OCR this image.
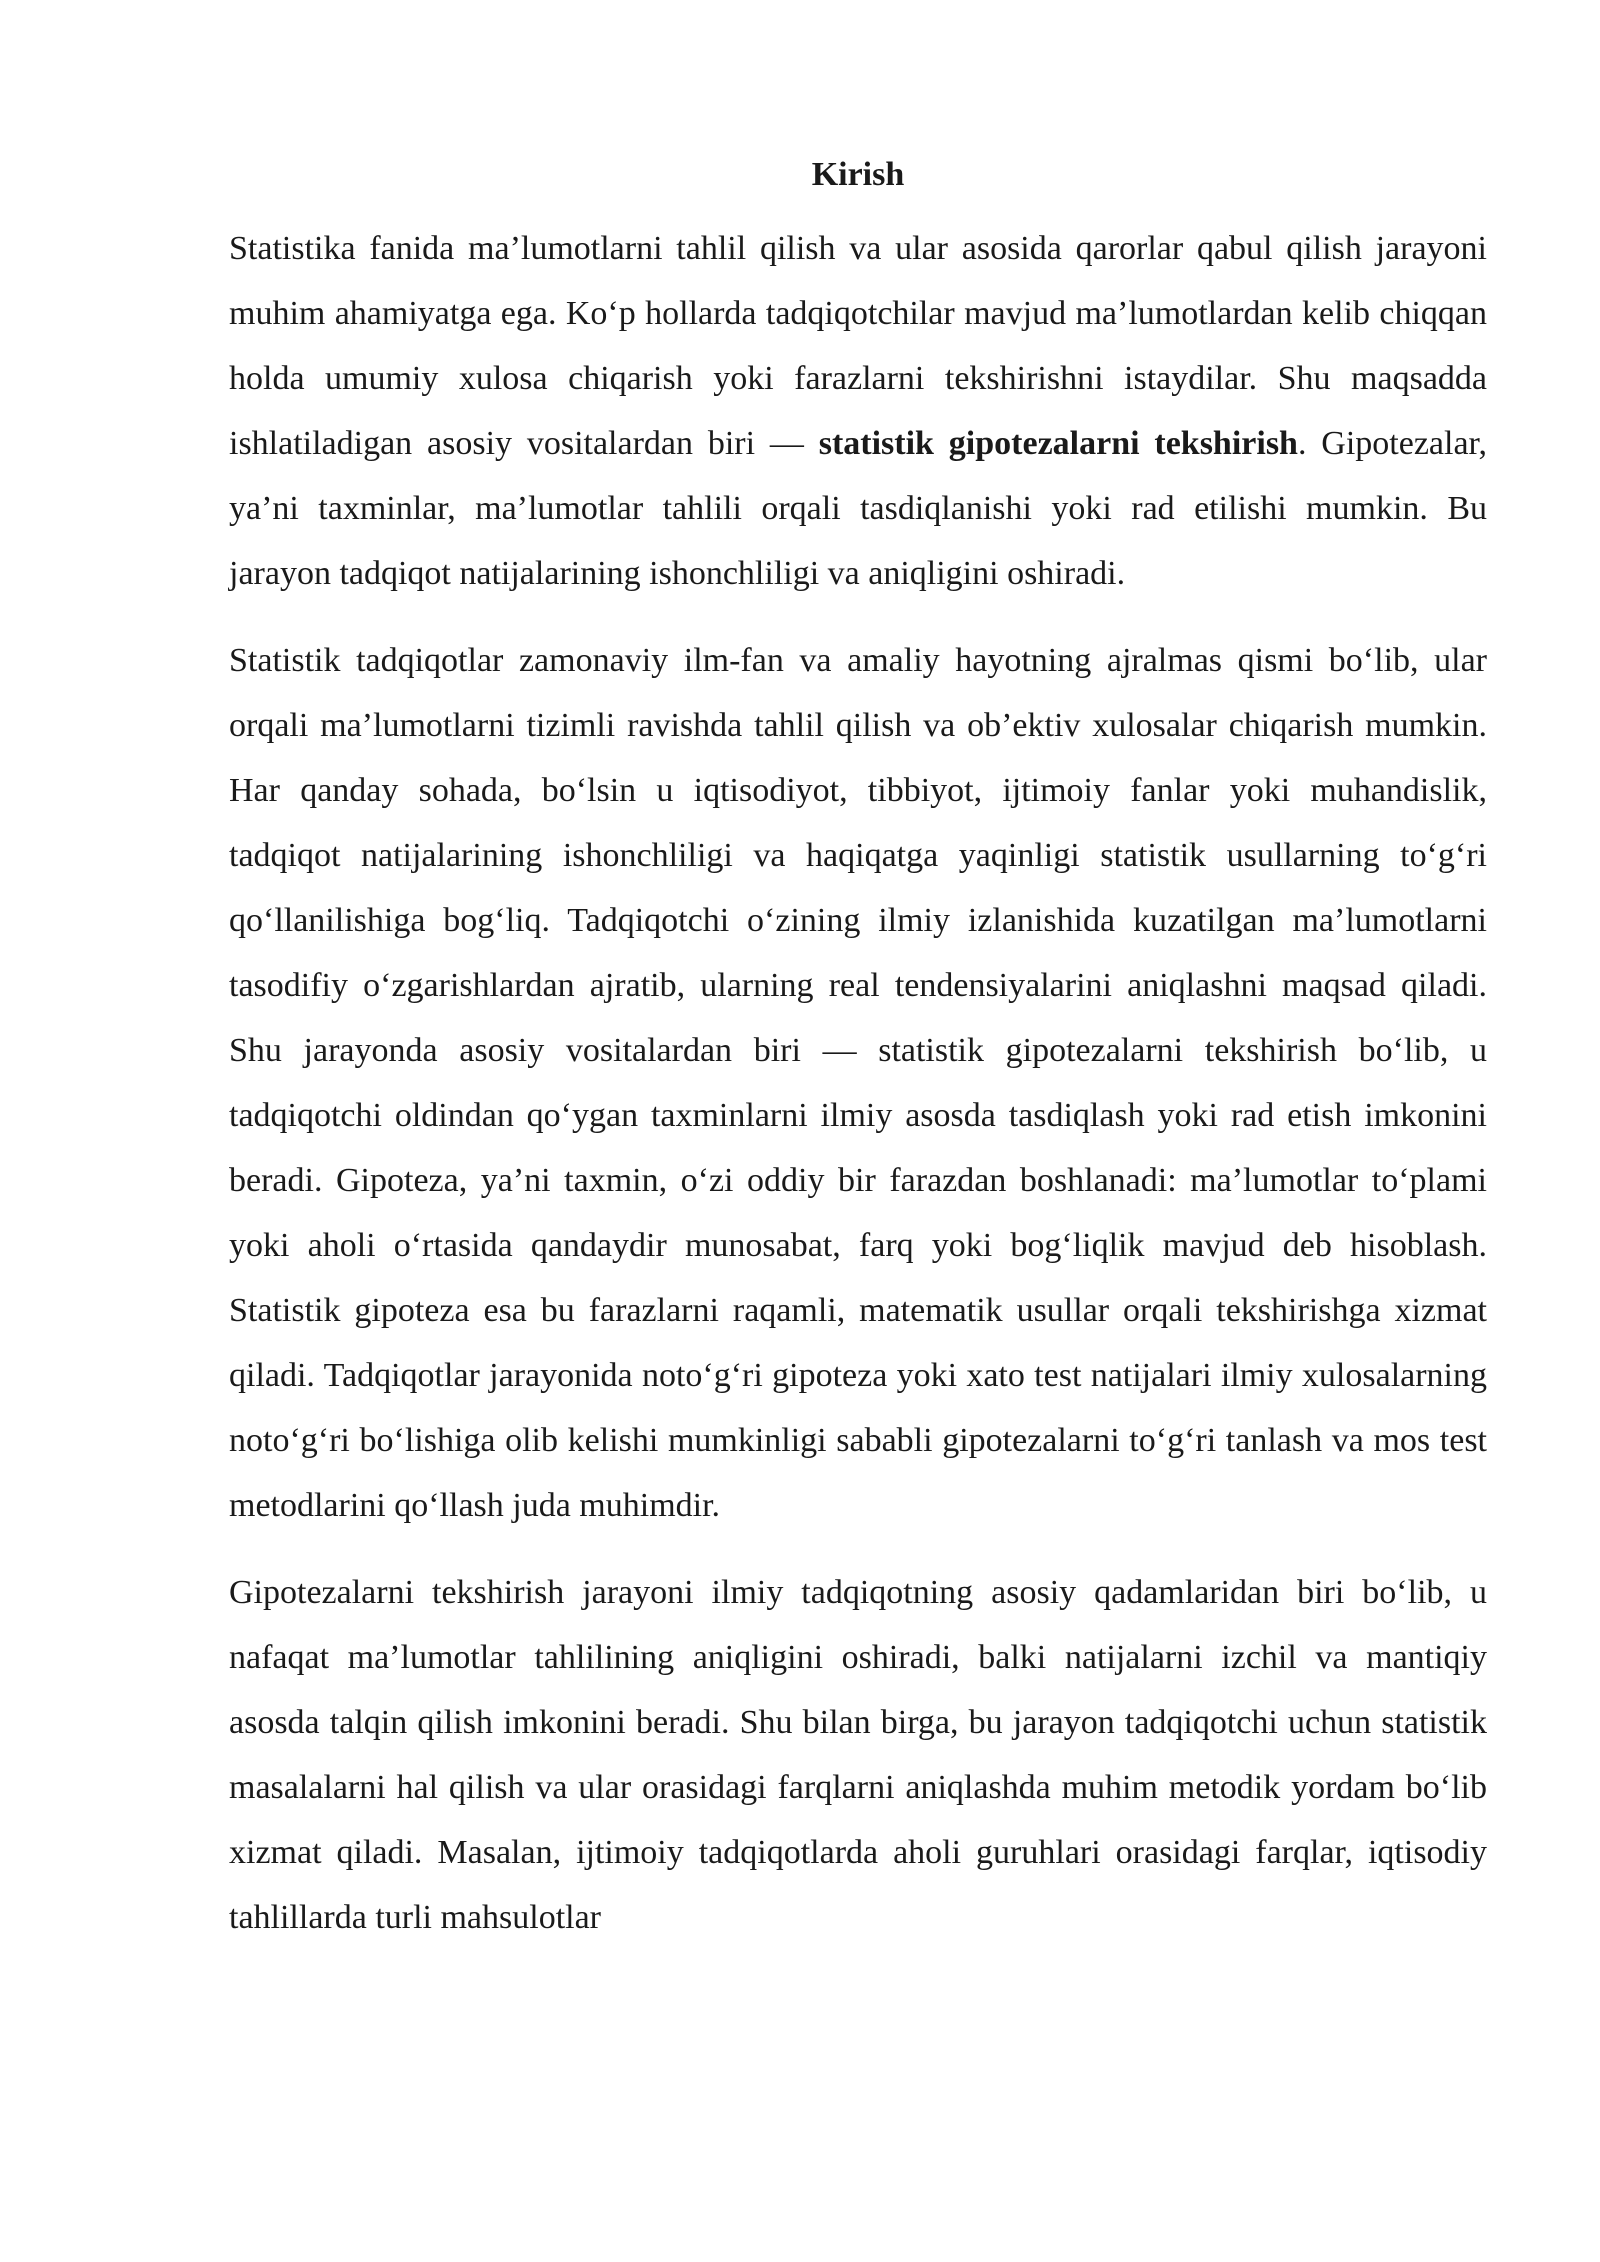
Kirish

Statistika fanida ma’lumotlarni tahlil qilish va ular asosida qarorlar qabul qilish jarayoni muhim ahamiyatga ega. Ko‘p hollarda tadqiqotchilar mavjud ma’lumotlardan kelib chiqqan holda umumiy xulosa chiqarish yoki farazlarni tekshirishni istaydilar. Shu maqsadda ishlatiladigan asosiy vositalardan biri — statistik gipotezalarni tekshirish. Gipotezalar, ya’ni taxminlar, ma’lumotlar tahlili orqali tasdiqlanishi yoki rad etilishi mumkin. Bu jarayon tadqiqot natijalarining ishonchliligi va aniqligini oshiradi.

Statistik tadqiqotlar zamonaviy ilm-fan va amaliy hayotning ajralmas qismi bo‘lib, ular orqali ma’lumotlarni tizimli ravishda tahlil qilish va ob’ektiv xulosalar chiqarish mumkin. Har qanday sohada, bo‘lsin u iqtisodiyot, tibbiyot, ijtimoiy fanlar yoki muhandislik, tadqiqot natijalarining ishonchliligi va haqiqatga yaqinligi statistik usullarning to‘g‘ri qo‘llanilishiga bog‘liq. Tadqiqotchi o‘zining ilmiy izlanishida kuzatilgan ma’lumotlarni tasodifiy o‘zgarishlardan ajratib, ularning real tendensiyalarini aniqlashni maqsad qiladi. Shu jarayonda asosiy vositalardan biri — statistik gipotezalarni tekshirish bo‘lib, u tadqiqotchi oldindan qo‘ygan taxminlarni ilmiy asosda tasdiqlash yoki rad etish imkonini beradi. Gipoteza, ya’ni taxmin, o‘zi oddiy bir farazdan boshlanadi: ma’lumotlar to‘plami yoki aholi o‘rtasida qandaydir munosabat, farq yoki bog‘liqlik mavjud deb hisoblash. Statistik gipoteza esa bu farazlarni raqamli, matematik usullar orqali tekshirishga xizmat qiladi. Tadqiqotlar jarayonida noto‘g‘ri gipoteza yoki xato test natijalari ilmiy xulosalarning noto‘g‘ri bo‘lishiga olib kelishi mumkinligi sababli gipotezalarni to‘g‘ri tanlash va mos test metodlarini qo‘llash juda muhimdir.

Gipotezalarni tekshirish jarayoni ilmiy tadqiqotning asosiy qadamlaridan biri bo‘lib, u nafaqat ma’lumotlar tahlilining aniqligini oshiradi, balki natijalarni izchil va mantiqiy asosda talqin qilish imkonini beradi. Shu bilan birga, bu jarayon tadqiqotchi uchun statistik masalalarni hal qilish va ular orasidagi farqlarni aniqlashda muhim metodik yordam bo‘lib xizmat qiladi. Masalan, ijtimoiy tadqiqotlarda aholi guruhlari orasidagi farqlar, iqtisodiy tahlillarda turli mahsulotlar
